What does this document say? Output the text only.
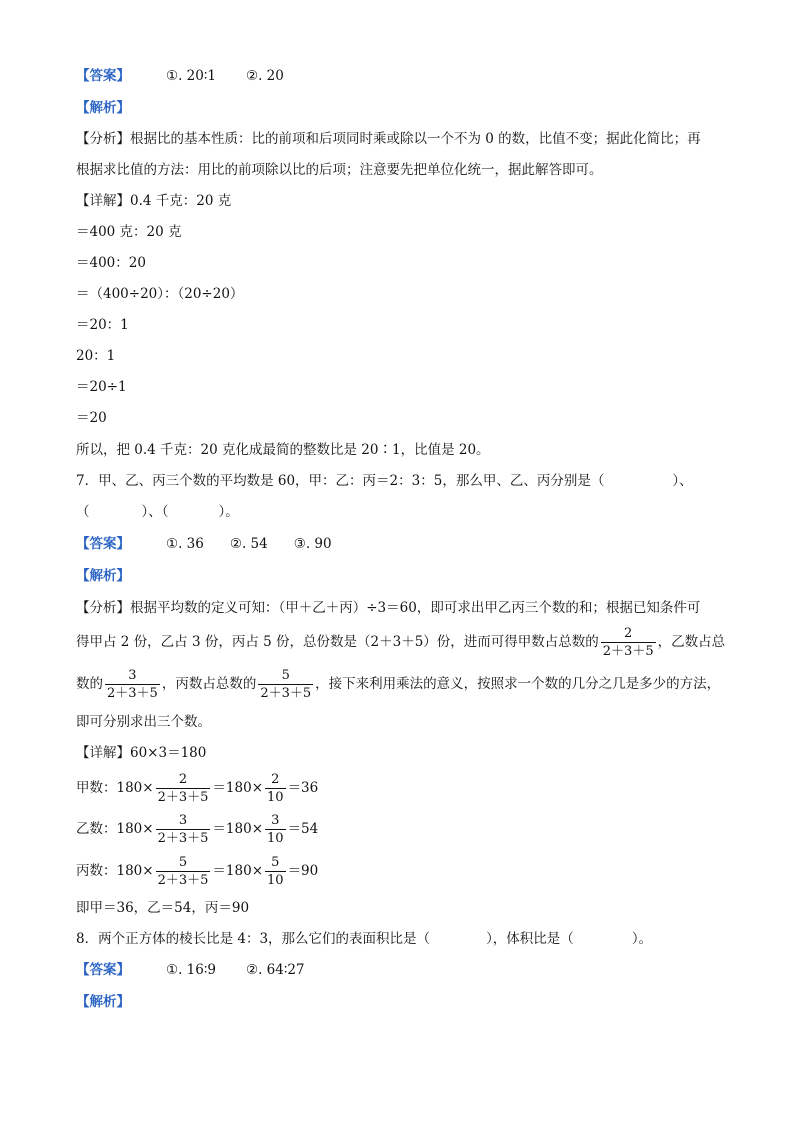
【答案】	①. 20∶1 ②. 20
【解析】
【分析】根据比的基本性质：比的前项和后项同时乘或除以一个不为 0 的数，比值不变；据此化简比；再
根据求比值的方法：用比的前项除以比的后项；注意要先把单位化统一，据此解答即可。
【详解】0.4 千克：20 克
＝400 克：20 克
＝400：20
＝（400÷20）：（20÷20）
＝20：1
20：1
＝20÷1
＝20
所以，把 0.4 千克：20 克化成最简的整数比是 20∶1，比值是 20。
7．甲、乙、丙三个数的平均数是 60，甲：乙：丙＝2：3：5，那么甲、乙、丙分别是（	）、
（	）、（	）。
【答案】	①. 36 ②. 54 ③. 90
【解析】
【分析】根据平均数的定义可知：（甲＋乙＋丙）÷3＝60，即可求出甲乙丙三个数的和；根据已知条件可
得甲占 2 份，乙占 3 份，丙占 5 份，总份数是（2＋3＋5）份，进而可得甲数占总数的 $\frac{2}{2+3+5}$ ，乙数占总
数的 $\frac{3}{2+3+5}$ ，丙数占总数的 $\frac{5}{2+3+5}$ ，接下来利用乘法的意义，按照求一个数的几分之几是多少的方法，
即可分别求出三个数。
【详解】60×3＝180
甲数：$180\times \frac{2}{2+3+5} =180\times \frac{2}{10} =36$
乙数：$180\times \frac{3}{2+3+5} =180\times \frac{3}{10} =54$
丙数：$180\times \frac{5}{2+3+5} =180\times \frac{5}{10} =90$
即甲＝36，乙＝54，丙＝90
8．两个正方体的棱长比是 4：3，那么它们的表面积比是（	），体积比是（	）。
【答案】	①. 16∶9 ②. 64∶27
【解析】
